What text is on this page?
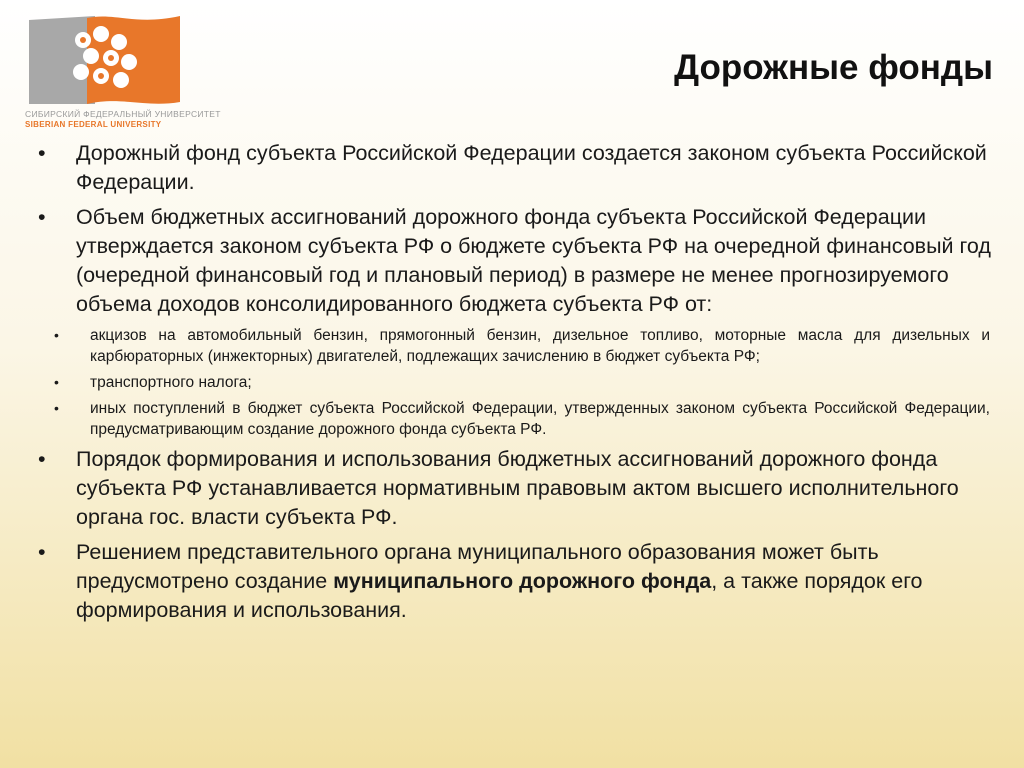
СИБИРСКИЙ ФЕДЕРАЛЬНЫЙ УНИВЕРСИТЕТ
SIBERIAN FEDERAL UNIVERSITY
Дорожные фонды
• Дорожный фонд субъекта Российской Федерации создается законом субъекта Российской Федерации.
• Объем бюджетных ассигнований дорожного фонда субъекта Российской Федерации утверждается законом субъекта РФ о бюджете субъекта РФ на очередной финансовый год (очередной финансовый год и плановый период) в размере не менее прогнозируемого объема доходов консолидированного бюджета субъекта РФ от:
• акцизов на автомобильный бензин, прямогонный бензин, дизельное топливо, моторные масла для дизельных и карбюраторных (инжекторных) двигателей, подлежащих зачислению в бюджет субъекта РФ;
• транспортного налога;
• иных поступлений в бюджет субъекта Российской Федерации, утвержденных законом субъекта Российской Федерации, предусматривающим создание дорожного фонда субъекта РФ.
• Порядок формирования и использования бюджетных ассигнований дорожного фонда субъекта РФ устанавливается нормативным правовым актом высшего исполнительного органа гос. власти субъекта РФ.
• Решением представительного органа муниципального образования может быть предусмотрено создание муниципального дорожного фонда, а также порядок его формирования и использования.
